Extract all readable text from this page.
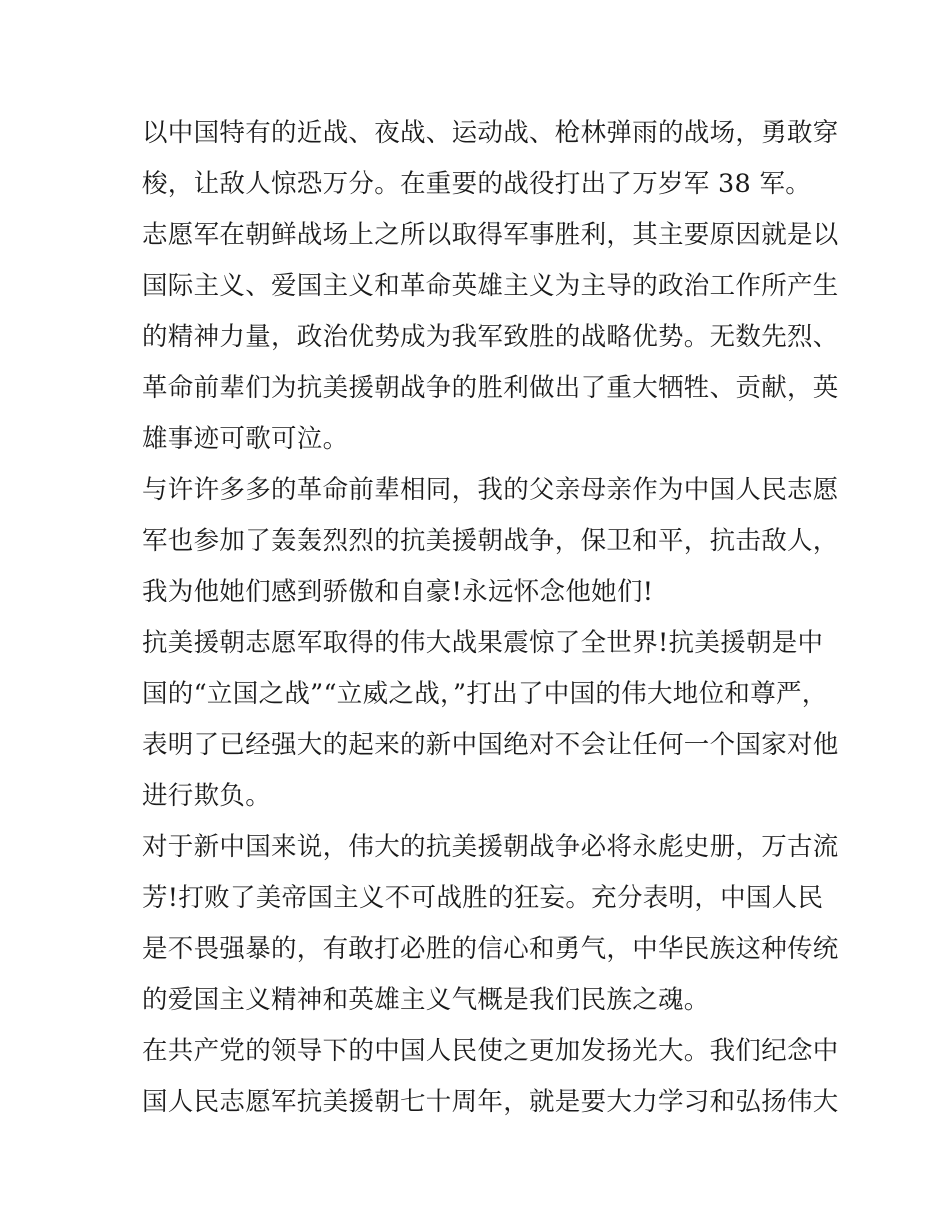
以中国特有的近战、夜战、运动战、枪林弹雨的战场，勇敢穿
梭，让敌人惊恐万分。在重要的战役打出了万岁军 38 军。
志愿军在朝鲜战场上之所以取得军事胜利，其主要原因就是以
国际主义、爱国主义和革命英雄主义为主导的政治工作所产生
的精神力量，政治优势成为我军致胜的战略优势。无数先烈、
革命前辈们为抗美援朝战争的胜利做出了重大牺牲、贡献，英
雄事迹可歌可泣。
与许许多多的革命前辈相同，我的父亲母亲作为中国人民志愿
军也参加了轰轰烈烈的抗美援朝战争，保卫和平，抗击敌人，
我为他她们感到骄傲和自豪!永远怀念他她们!
抗美援朝志愿军取得的伟大战果震惊了全世界!抗美援朝是中
国的“立国之战”“立威之战，”打出了中国的伟大地位和尊严，
表明了已经强大的起来的新中国绝对不会让任何一个国家对他
进行欺负。
对于新中国来说，伟大的抗美援朝战争必将永彪史册，万古流
芳!打败了美帝国主义不可战胜的狂妄。充分表明，中国人民
是不畏强暴的，有敢打必胜的信心和勇气，中华民族这种传统
的爱国主义精神和英雄主义气概是我们民族之魂。
在共产党的领导下的中国人民使之更加发扬光大。我们纪念中
国人民志愿军抗美援朝七十周年，就是要大力学习和弘扬伟大
